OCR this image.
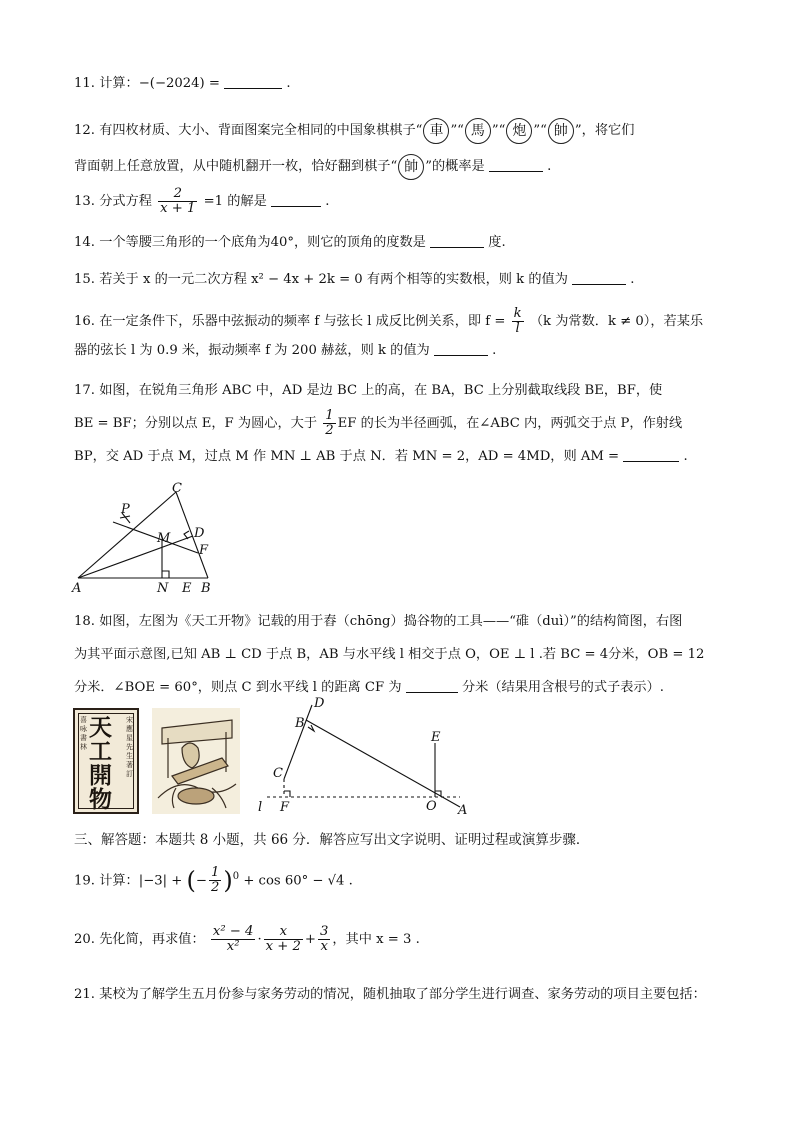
11. 计算：−(−2024) =	.
12. 有四枚材质、大小、背面图案完全相同的中国象棋棋子“ 車 ”“ 馬 ”“ 炮 ”“ 帥 ”，将它们
背面朝上任意放置，从中随机翻开一枚，恰好翻到棋子“ 帥 ”的概率是	.
13. 分式方程 $\frac{2}{x + 1} =1$ 的解是	.
14. 一个等腰三角形的一个底角为40°，则它的顶角的度数是	度.
15. 若关于 x 的一元二次方程 x² − 4x + 2k = 0 有两个相等的实数根，则 k 的值为	.
16. 在一定条件下，乐器中弦振动的频率 f 与弦长 l 成反比例关系，即 $f = \frac{k}{l} (k$ 为常数．k ≠ 0），若某乐
器的弦长 l 为 0.9 米，振动频率 f 为 200 赫兹，则 k 的值为	.
17. 如图，在锐角三角形 ABC 中，AD 是边 BC 上的高，在 BA，BC 上分别截取线段 BE，BF，使
BE = BF；分别以点 E，F 为圆心，大于 $\frac{1}{2}$ EF 的长为半径画弧，在∠ABC 内，两弧交于点 P，作射线
BP，交 AD 于点 M，过点 M 作 MN ⊥ AB 于点 N．若 MN = 2，AD = 4MD，则 AM =	.
C
P
M D
F
A	N E B
18. 如图，左图为《天工开物》记载的用于舂（chōng）捣谷物的工具——“碓（duì）”的结构简图，右图
为其平面示意图,已知 AB ⊥ CD 于点 B，AB 与水平线 l 相交于点 O，OE ⊥ l .若 BC = 4分米，OB = 12
分米．∠BOE = 60°，则点 C 到水平线 l 的距离 CF 为	分米（结果用含根号的式子表示）.
天工開物
喜咏書林
宋應星先生著訂
D
B
E
C
l F	O A
三、解答题：本题共 8 小题，共 66 分．解答应写出文字说明、证明过程或演算步骤．
19. 计算：|−3| + (− $\frac{1}{2} )^0 + \cos 60^\circ - √4$ .
20. 先化简，再求值： $\frac{\text{x² − 4}}{\text{x²}} \cdot \frac{x}{x + 2} + \frac{3}{x}$ ，其中 x = 3 .
21. 某校为了解学生五月份参与家务劳动的情况，随机抽取了部分学生进行调查、家务劳动的项目主要包括：
